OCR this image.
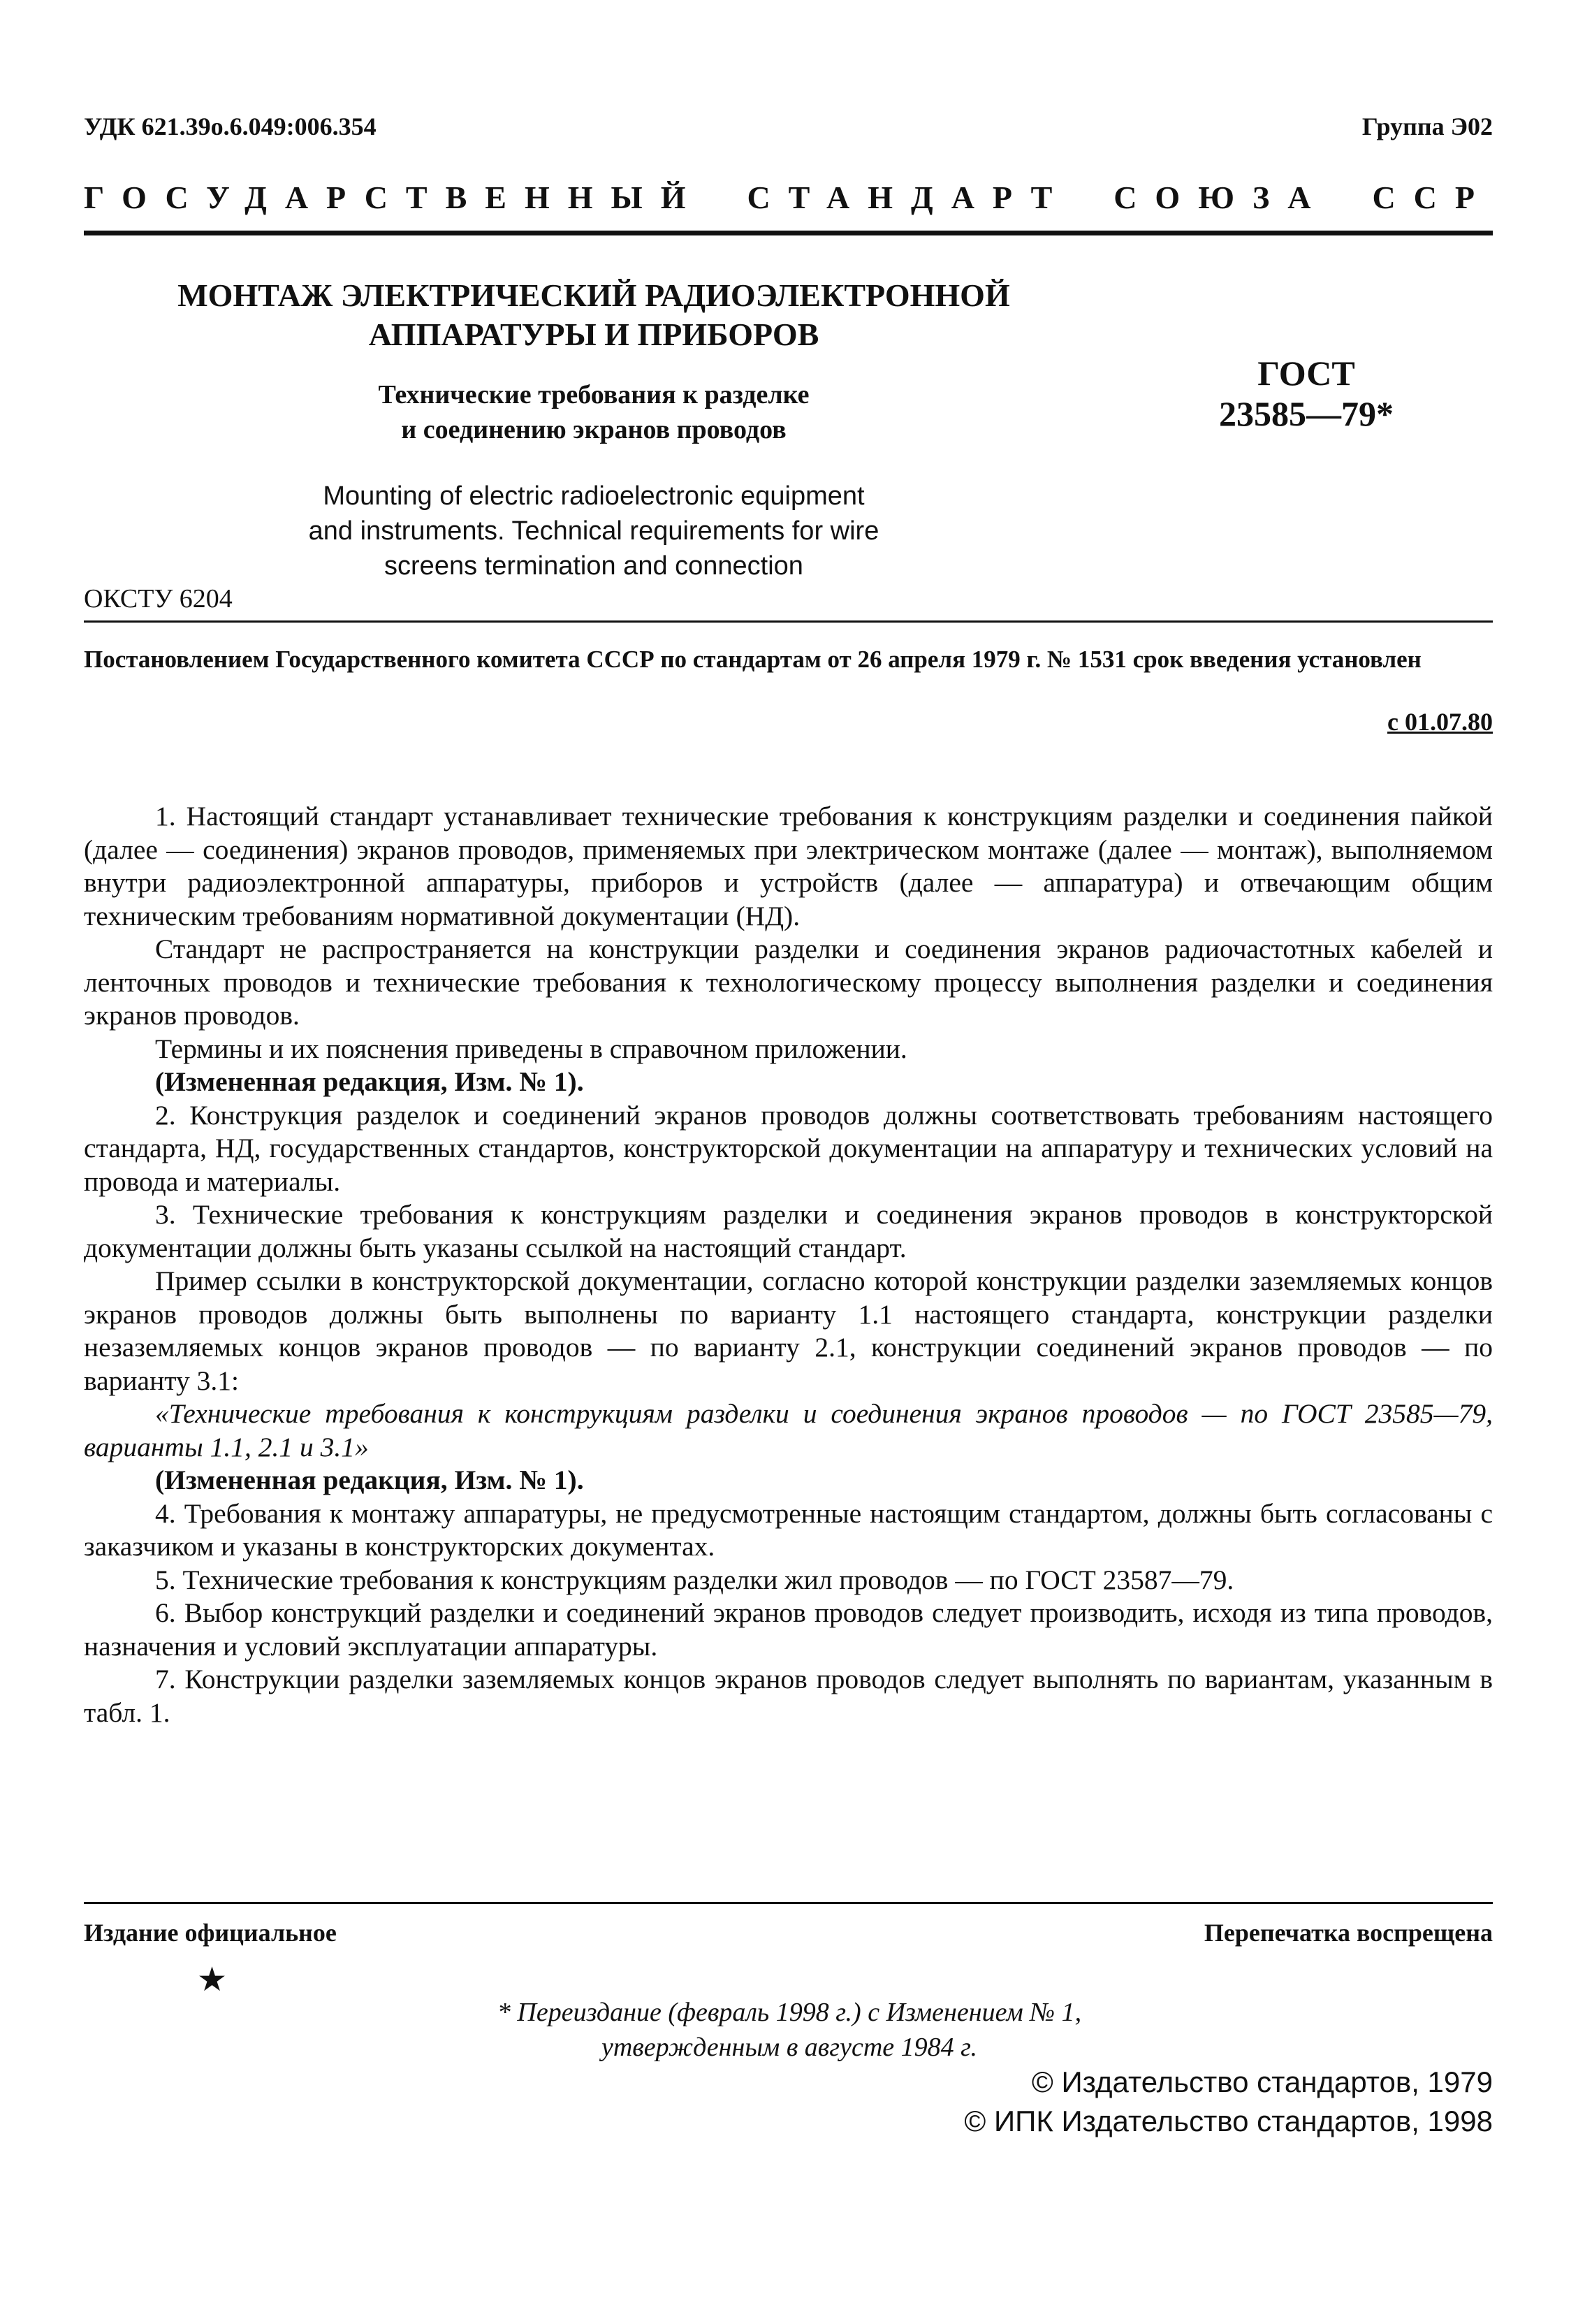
УДК 621.39о.6.049:006.354	Группа Э02
ГОСУДАРСТВЕННЫЙ СТАНДАРТ СОЮЗА ССР
МОНТАЖ ЭЛЕКТРИЧЕСКИЙ РАДИОЭЛЕКТРОННОЙ
АППАРАТУРЫ И ПРИБОРОВ
Технические требования к разделке
и соединению экранов проводов
ГОСТ
23585—79*
Mounting of electric radioelectronic equipment
and instruments. Technical requirements for wire
screens termination and connection
ОКСТУ 6204
Постановлением Государственного комитета СССР по стандартам от 26 апреля 1979 г. № 1531 срок введения установлен
с 01.07.80

1. Настоящий стандарт устанавливает технические требования к конструкциям разделки и соединения пайкой (далее — соединения) экранов проводов, применяемых при электрическом монтаже (далее — монтаж), выполняемом внутри радиоэлектронной аппаратуры, приборов и устройств (далее — аппаратура) и отвечающим общим техническим требованиям нормативной документации (НД).

Стандарт не распространяется на конструкции разделки и соединения экранов радиочастотных кабелей и ленточных проводов и технические требования к технологическому процессу выполнения разделки и соединения экранов проводов.

Термины и их пояснения приведены в справочном приложении.

(Измененная редакция, Изм. № 1).

2. Конструкция разделок и соединений экранов проводов должны соответствовать требованиям настоящего стандарта, НД, государственных стандартов, конструкторской документации на аппаратуру и технических условий на провода и материалы.

3. Технические требования к конструкциям разделки и соединения экранов проводов в конструкторской документации должны быть указаны ссылкой на настоящий стандарт.

Пример ссылки в конструкторской документации, согласно которой конструкции разделки заземляемых концов экранов проводов должны быть выполнены по варианту 1.1 настоящего стандарта, конструкции разделки незаземляемых концов экранов проводов — по варианту 2.1, конструкции соединений экранов проводов — по варианту 3.1:

«Технические требования к конструкциям разделки и соединения экранов проводов — по ГОСТ 23585—79, варианты 1.1, 2.1 и 3.1»

(Измененная редакция, Изм. № 1).

4. Требования к монтажу аппаратуры, не предусмотренные настоящим стандартом, должны быть согласованы с заказчиком и указаны в конструкторских документах.

5. Технические требования к конструкциям разделки жил проводов — по ГОСТ 23587—79.

6. Выбор конструкций разделки и соединений экранов проводов следует производить, исходя из типа проводов, назначения и условий эксплуатации аппаратуры.

7. Конструкции разделки заземляемых концов экранов проводов следует выполнять по вариантам, указанным в табл. 1.

Издание официальное	Перепечатка воспрещена
★
* Переиздание (февраль 1998 г.) с Изменением № 1,
утвержденным в августе 1984 г.
© Издательство стандартов, 1979
© ИПК Издательство стандартов, 1998
